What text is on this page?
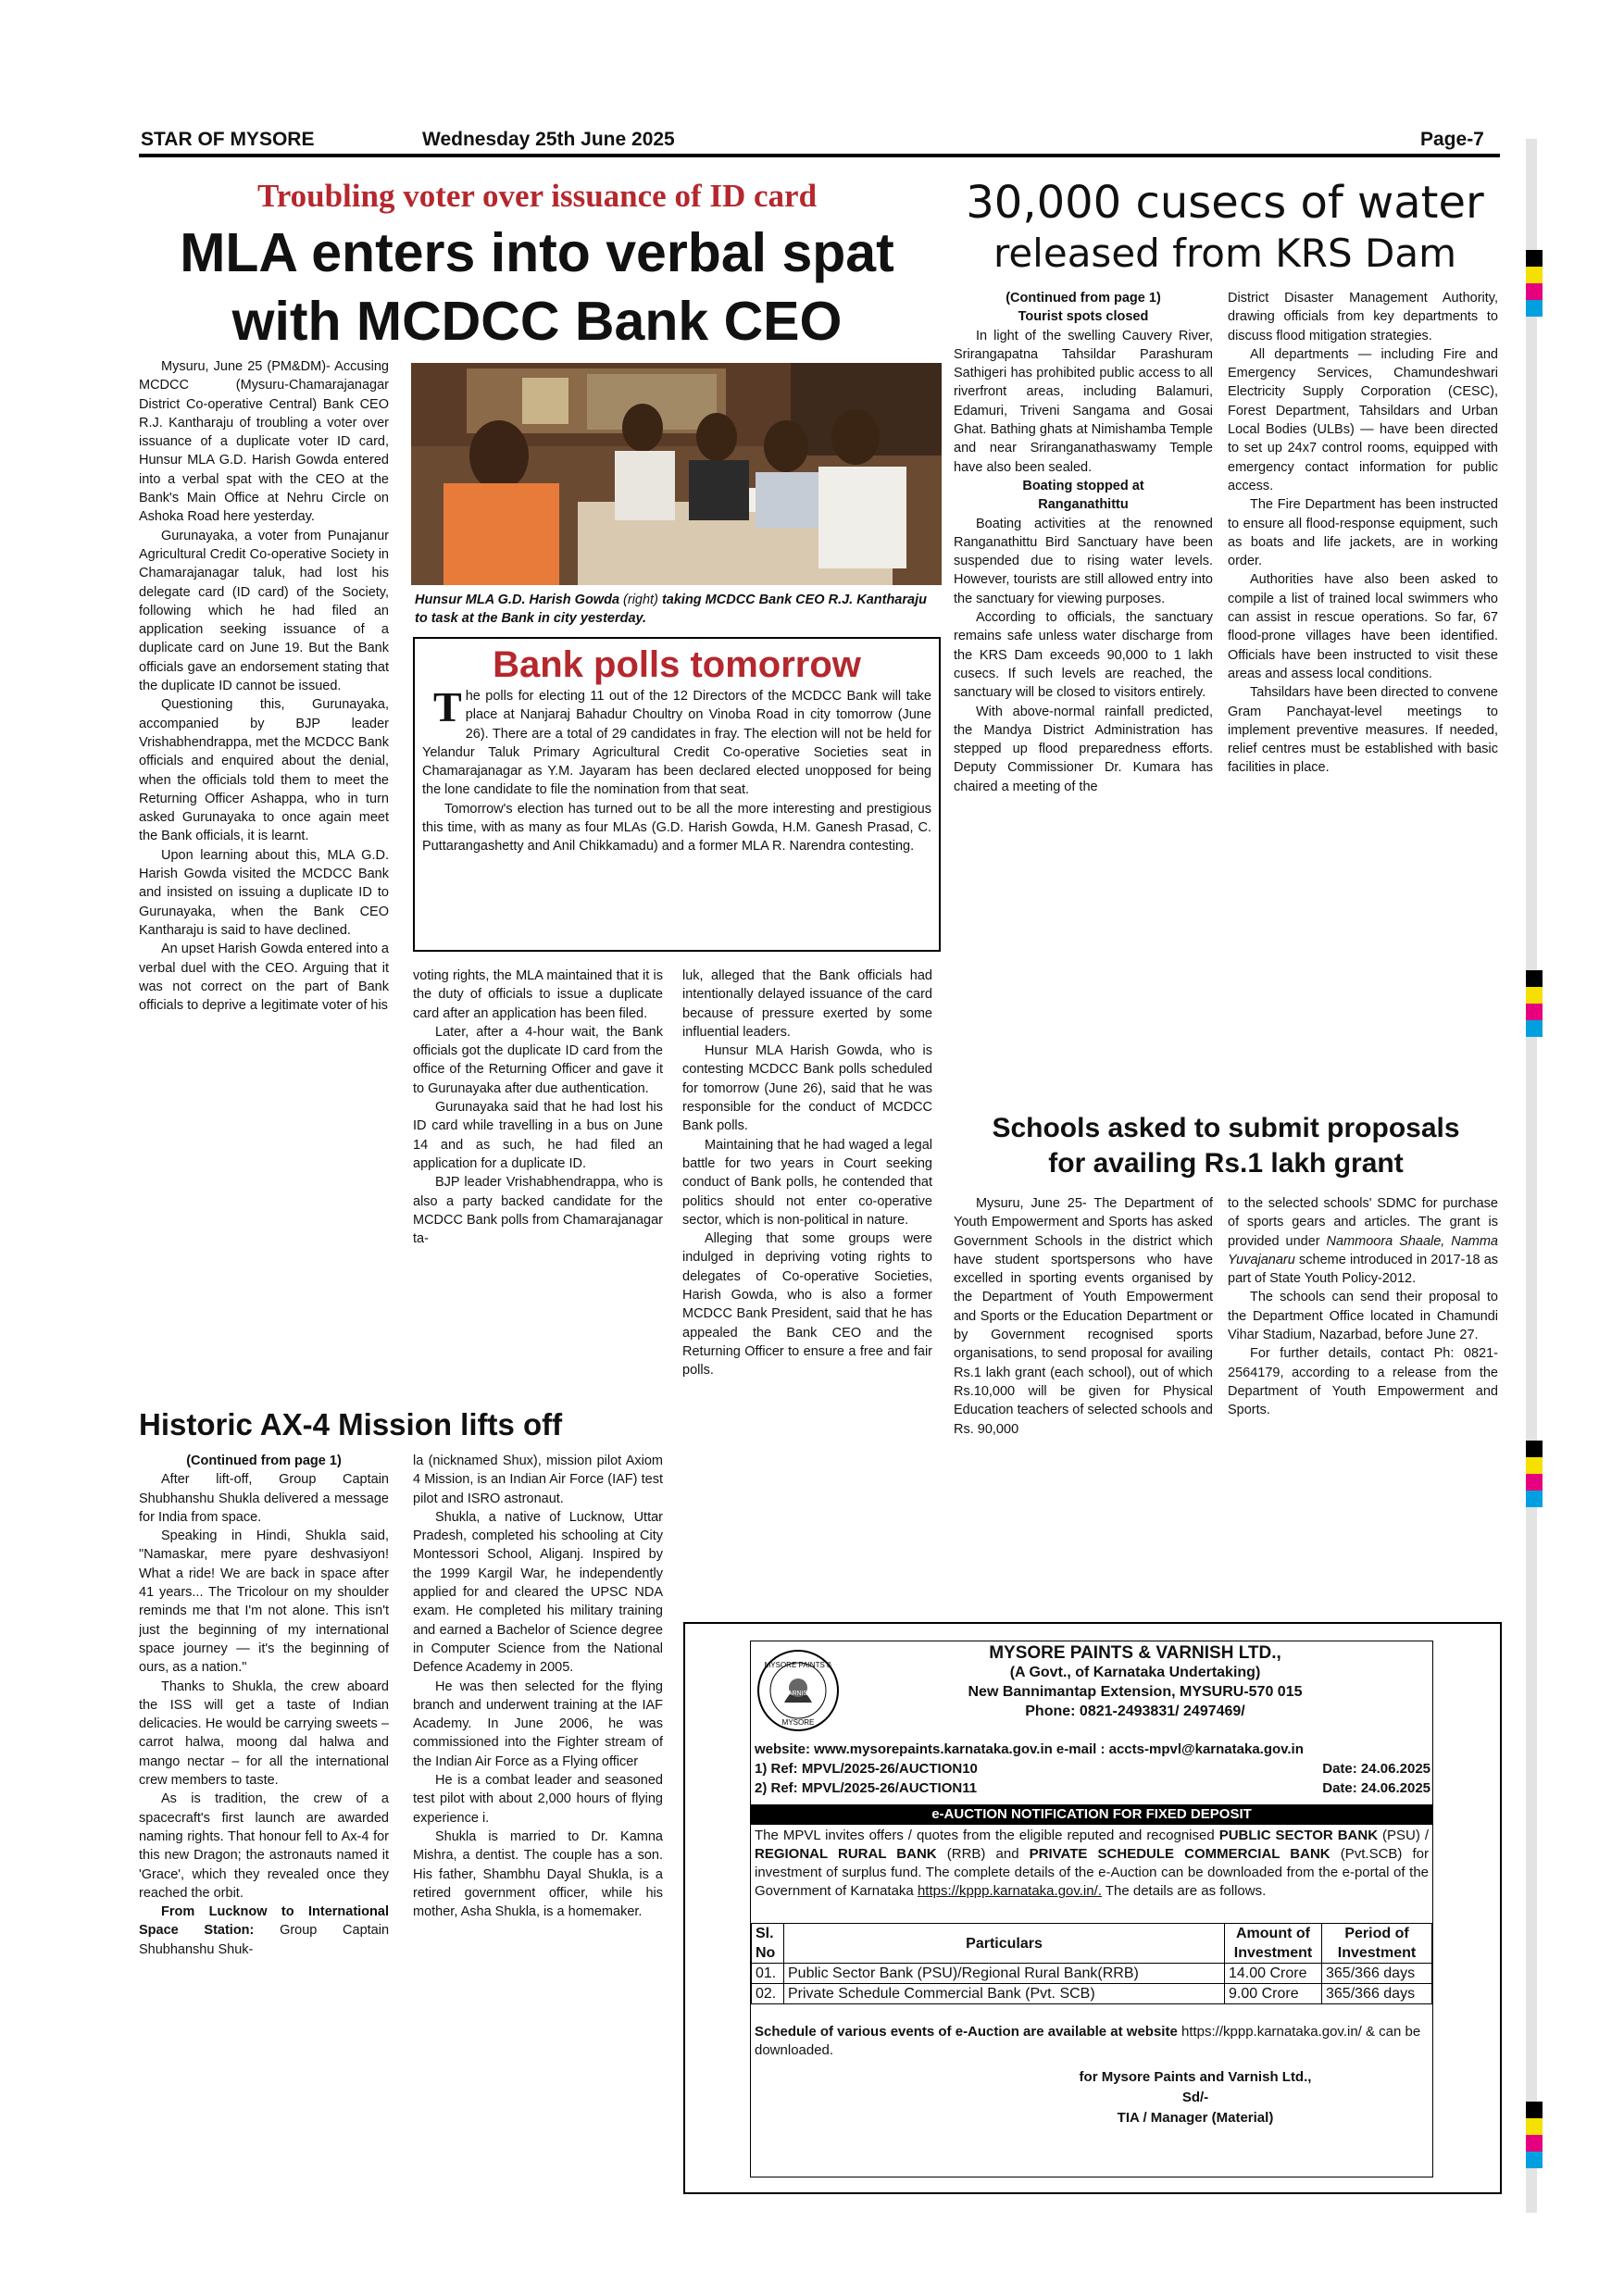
STAR OF MYSORE	Wednesday 25th June 2025	Page-7
Troubling voter over issuance of ID card
MLA enters into verbal spat
with MCDCC Bank CEO

Mysuru, June 25 (PM&DM)- Accusing MCDCC (Mysuru-Chamarajanagar District Co-operative Central) Bank CEO R.J. Kantharaju of troubling a voter over issuance of a duplicate voter ID card, Hunsur MLA G.D. Harish Gowda entered into a verbal spat with the CEO at the Bank's Main Office at Nehru Circle on Ashoka Road here yesterday.

Gurunayaka, a voter from Punajanur Agricultural Credit Co-operative Society in Chamarajanagar taluk, had lost his delegate card (ID card) of the Society, following which he had filed an application seeking issuance of a duplicate card on June 19. But the Bank officials gave an endorsement stating that the duplicate ID cannot be issued.

Questioning this, Gurunayaka, accompanied by BJP leader Vrishabhendrappa, met the MCDCC Bank officials and enquired about the denial, when the officials told them to meet the Returning Officer Ashappa, who in turn asked Gurunayaka to once again meet the Bank officials, it is learnt.

Upon learning about this, MLA G.D. Harish Gowda visited the MCDCC Bank and insisted on issuing a duplicate ID to Gurunayaka, when the Bank CEO Kantharaju is said to have declined.

An upset Harish Gowda entered into a verbal duel with the CEO. Arguing that it was not correct on the part of Bank officials to deprive a legitimate voter of his

Hunsur MLA G.D. Harish Gowda (right) taking MCDCC Bank CEO R.J. Kantharaju to task at the Bank in city yesterday.
Bank polls tomorrow

The polls for electing 11 out of the 12 Directors of the MCDCC Bank will take place at Nanjaraj Bahadur Choultry on Vinoba Road in city tomorrow (June 26). There are a total of 29 candidates in fray. The election will not be held for Yelandur Taluk Primary Agricultural Credit Co-operative Societies seat in Chamarajanagar as Y.M. Jayaram has been declared elected unopposed for being the lone candidate to file the nomination from that seat.

Tomorrow's election has turned out to be all the more interesting and prestigious this time, with as many as four MLAs (G.D. Harish Gowda, H.M. Ganesh Prasad, C. Puttarangashetty and Anil Chikkamadu) and a former MLA R. Narendra contesting.

voting rights, the MLA maintained that it is the duty of officials to issue a duplicate card after an application has been filed.

Later, after a 4-hour wait, the Bank officials got the duplicate ID card from the office of the Returning Officer and gave it to Gurunayaka after due authentication.

Gurunayaka said that he had lost his ID card while travelling in a bus on June 14 and as such, he had filed an application for a duplicate ID.

BJP leader Vrishabhendrappa, who is also a party backed candidate for the MCDCC Bank polls from Chamarajanagar ta-

luk, alleged that the Bank officials had intentionally delayed issuance of the card because of pressure exerted by some influential leaders.

Hunsur MLA Harish Gowda, who is contesting MCDCC Bank polls scheduled for tomorrow (June 26), said that he was responsible for the conduct of MCDCC Bank polls.

Maintaining that he had waged a legal battle for two years in Court seeking conduct of Bank polls, he contended that politics should not enter co-operative sector, which is non-political in nature.

Alleging that some groups were indulged in depriving voting rights to delegates of Co-operative Societies, Harish Gowda, who is also a former MCDCC Bank President, said that he has appealed the Bank CEO and the Returning Officer to ensure a free and fair polls.

30,000 cusecs of water
released from KRS Dam

(Continued from page 1)

Tourist spots closed

In light of the swelling Cauvery River, Srirangapatna Tahsildar Parashuram Sathigeri has prohibited public access to all riverfront areas, including Balamuri, Edamuri, Triveni Sangama and Gosai Ghat. Bathing ghats at Nimishamba Temple and near Sriranganathaswamy Temple have also been sealed.

Boating stopped at

Ranganathittu

Boating activities at the renowned Ranganathittu Bird Sanctuary have been suspended due to rising water levels. However, tourists are still allowed entry into the sanctuary for viewing purposes.

According to officials, the sanctuary remains safe unless water discharge from the KRS Dam exceeds 90,000 to 1 lakh cusecs. If such levels are reached, the sanctuary will be closed to visitors entirely.

With above-normal rainfall predicted, the Mandya District Administration has stepped up flood preparedness efforts. Deputy Commissioner Dr. Kumara has chaired a meeting of the

District Disaster Management Authority, drawing officials from key departments to discuss flood mitigation strategies.

All departments — including Fire and Emergency Services, Chamundeshwari Electricity Supply Corporation (CESC), Forest Department, Tahsildars and Urban Local Bodies (ULBs) — have been directed to set up 24x7 control rooms, equipped with emergency contact information for public access.

The Fire Department has been instructed to ensure all flood-response equipment, such as boats and life jackets, are in working order.

Authorities have also been asked to compile a list of trained local swimmers who can assist in rescue operations. So far, 67 flood-prone villages have been identified. Officials have been instructed to visit these areas and assess local conditions.

Tahsildars have been directed to convene Gram Panchayat-level meetings to implement preventive measures. If needed, relief centres must be established with basic facilities in place.

Schools asked to submit proposals
for availing Rs.1 lakh grant

Mysuru, June 25- The Department of Youth Empowerment and Sports has asked Government Schools in the district which have student sportspersons who have excelled in sporting events organised by the Department of Youth Empowerment and Sports or the Education Department or by Government recognised sports organisations, to send proposal for availing Rs.1 lakh grant (each school), out of which Rs.10,000 will be given for Physical Education teachers of selected schools and Rs. 90,000

to the selected schools' SDMC for purchase of sports gears and articles. The grant is provided under Nammoora Shaale, Namma Yuvajanaru scheme introduced in 2017-18 as part of State Youth Policy-2012.

The schools can send their proposal to the Department Office located in Chamundi Vihar Stadium, Nazarbad, before June 27.

For further details, contact Ph: 0821-2564179, according to a release from the Department of Youth Empowerment and Sports.

Historic AX-4 Mission lifts off

(Continued from page 1)

After lift-off, Group Captain Shubhanshu Shukla delivered a message for India from space.

Speaking in Hindi, Shukla said, "Namaskar, mere pyare deshvasiyon! What a ride! We are back in space after 41 years... The Tricolour on my shoulder reminds me that I'm not alone. This isn't just the beginning of my international space journey — it's the beginning of ours, as a nation."

Thanks to Shukla, the crew aboard the ISS will get a taste of Indian delicacies. He would be carrying sweets – carrot halwa, moong dal halwa and mango nectar – for all the international crew members to taste.

As is tradition, the crew of a spacecraft's first launch are awarded naming rights. That honour fell to Ax-4 for this new Dragon; the astronauts named it 'Grace', which they revealed once they reached the orbit.

From Lucknow to International Space Station: Group Captain Shubhanshu Shuk-

la (nicknamed Shux), mission pilot Axiom 4 Mission, is an Indian Air Force (IAF) test pilot and ISRO astronaut.

Shukla, a native of Lucknow, Uttar Pradesh, completed his schooling at City Montessori School, Aliganj. Inspired by the 1999 Kargil War, he independently applied for and cleared the UPSC NDA exam. He completed his military training and earned a Bachelor of Science degree in Computer Science from the National Defence Academy in 2005.

He was then selected for the flying branch and underwent training at the IAF Academy. In June 2006, he was commissioned into the Fighter stream of the Indian Air Force as a Flying officer

He is a combat leader and seasoned test pilot with about 2,000 hours of flying experience i.

Shukla is married to Dr. Kamna Mishra, a dentist. The couple has a son. His father, Shambhu Dayal Shukla, is a retired government officer, while his mother, Asha Shukla, is a homemaker.

MYSORE PAINTS &
VARNISH
MYSORE
MYSORE PAINTS & VARNISH LTD.,
(A Govt., of Karnataka Undertaking)
New Bannimantap Extension, MYSURU-570 015
Phone: 0821-2493831/ 2497469/
website: www.mysorepaints.karnataka.gov.in e-mail : accts-mpvl@karnataka.gov.in
1) Ref: MPVL/2025-26/AUCTION10	Date: 24.06.2025
2) Ref: MPVL/2025-26/AUCTION11	Date: 24.06.2025
e-AUCTION NOTIFICATION FOR FIXED DEPOSIT
The MPVL invites offers / quotes from the eligible reputed and recognised PUBLIC SECTOR BANK (PSU) / REGIONAL RURAL BANK (RRB) and PRIVATE SCHEDULE COMMERCIAL BANK (Pvt.SCB) for investment of surplus fund. The complete details of the e-Auction can be downloaded from the e-portal of the Government of Karnataka https://kppp.karnataka.gov.in/. The details are as follows.
Sl. No	Particulars	Amount of Investment	Period of Investment
01.	Public Sector Bank (PSU)/Regional Rural Bank(RRB)	14.00 Crore	365/366 days
02.	Private Schedule Commercial Bank (Pvt. SCB)	9.00 Crore	365/366 days
Schedule of various events of e-Auction are available at website https://kppp.karnataka.gov.in/ & can be downloaded.
for Mysore Paints and Varnish Ltd.,
Sd/-
TIA / Manager (Material)
